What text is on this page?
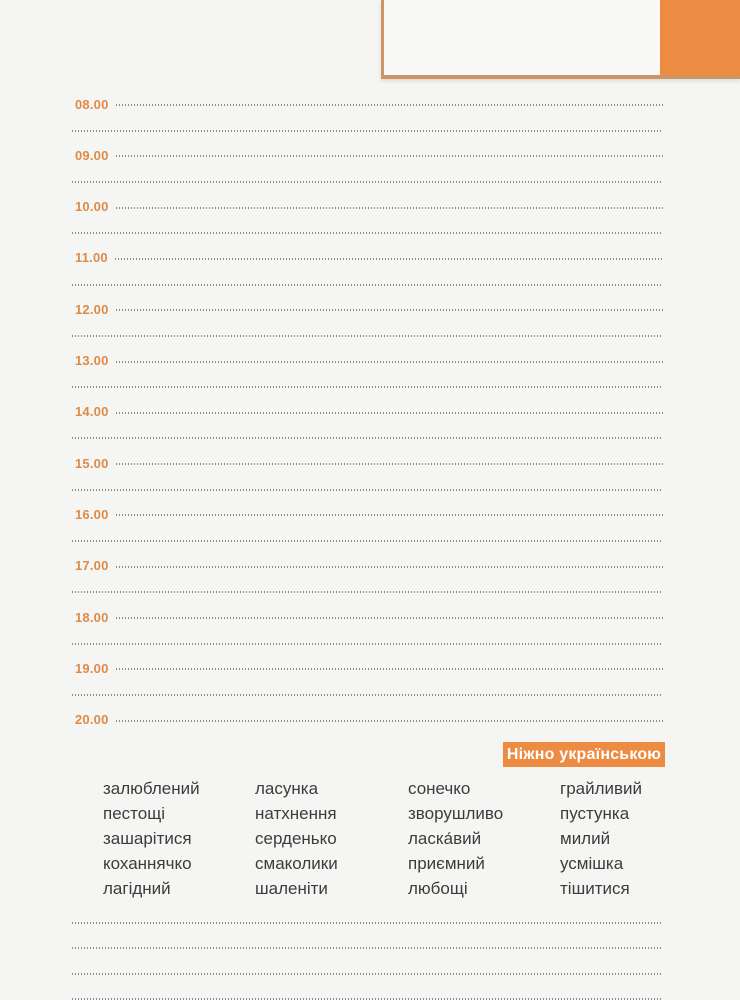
08.00
09.00
10.00
11.00
12.00
13.00
14.00
15.00
16.00
17.00
18.00
19.00
20.00
Ніжно українською
залюблений
пестощі
зашарітися
коханнячко
лагідний
ласунка
натхнення
серденько
смаколики
шаленіти
сонечко
зворушливо
ласка́вий
приємний
любощі
грайливий
пустунка
милий
усмішка
тішитися
